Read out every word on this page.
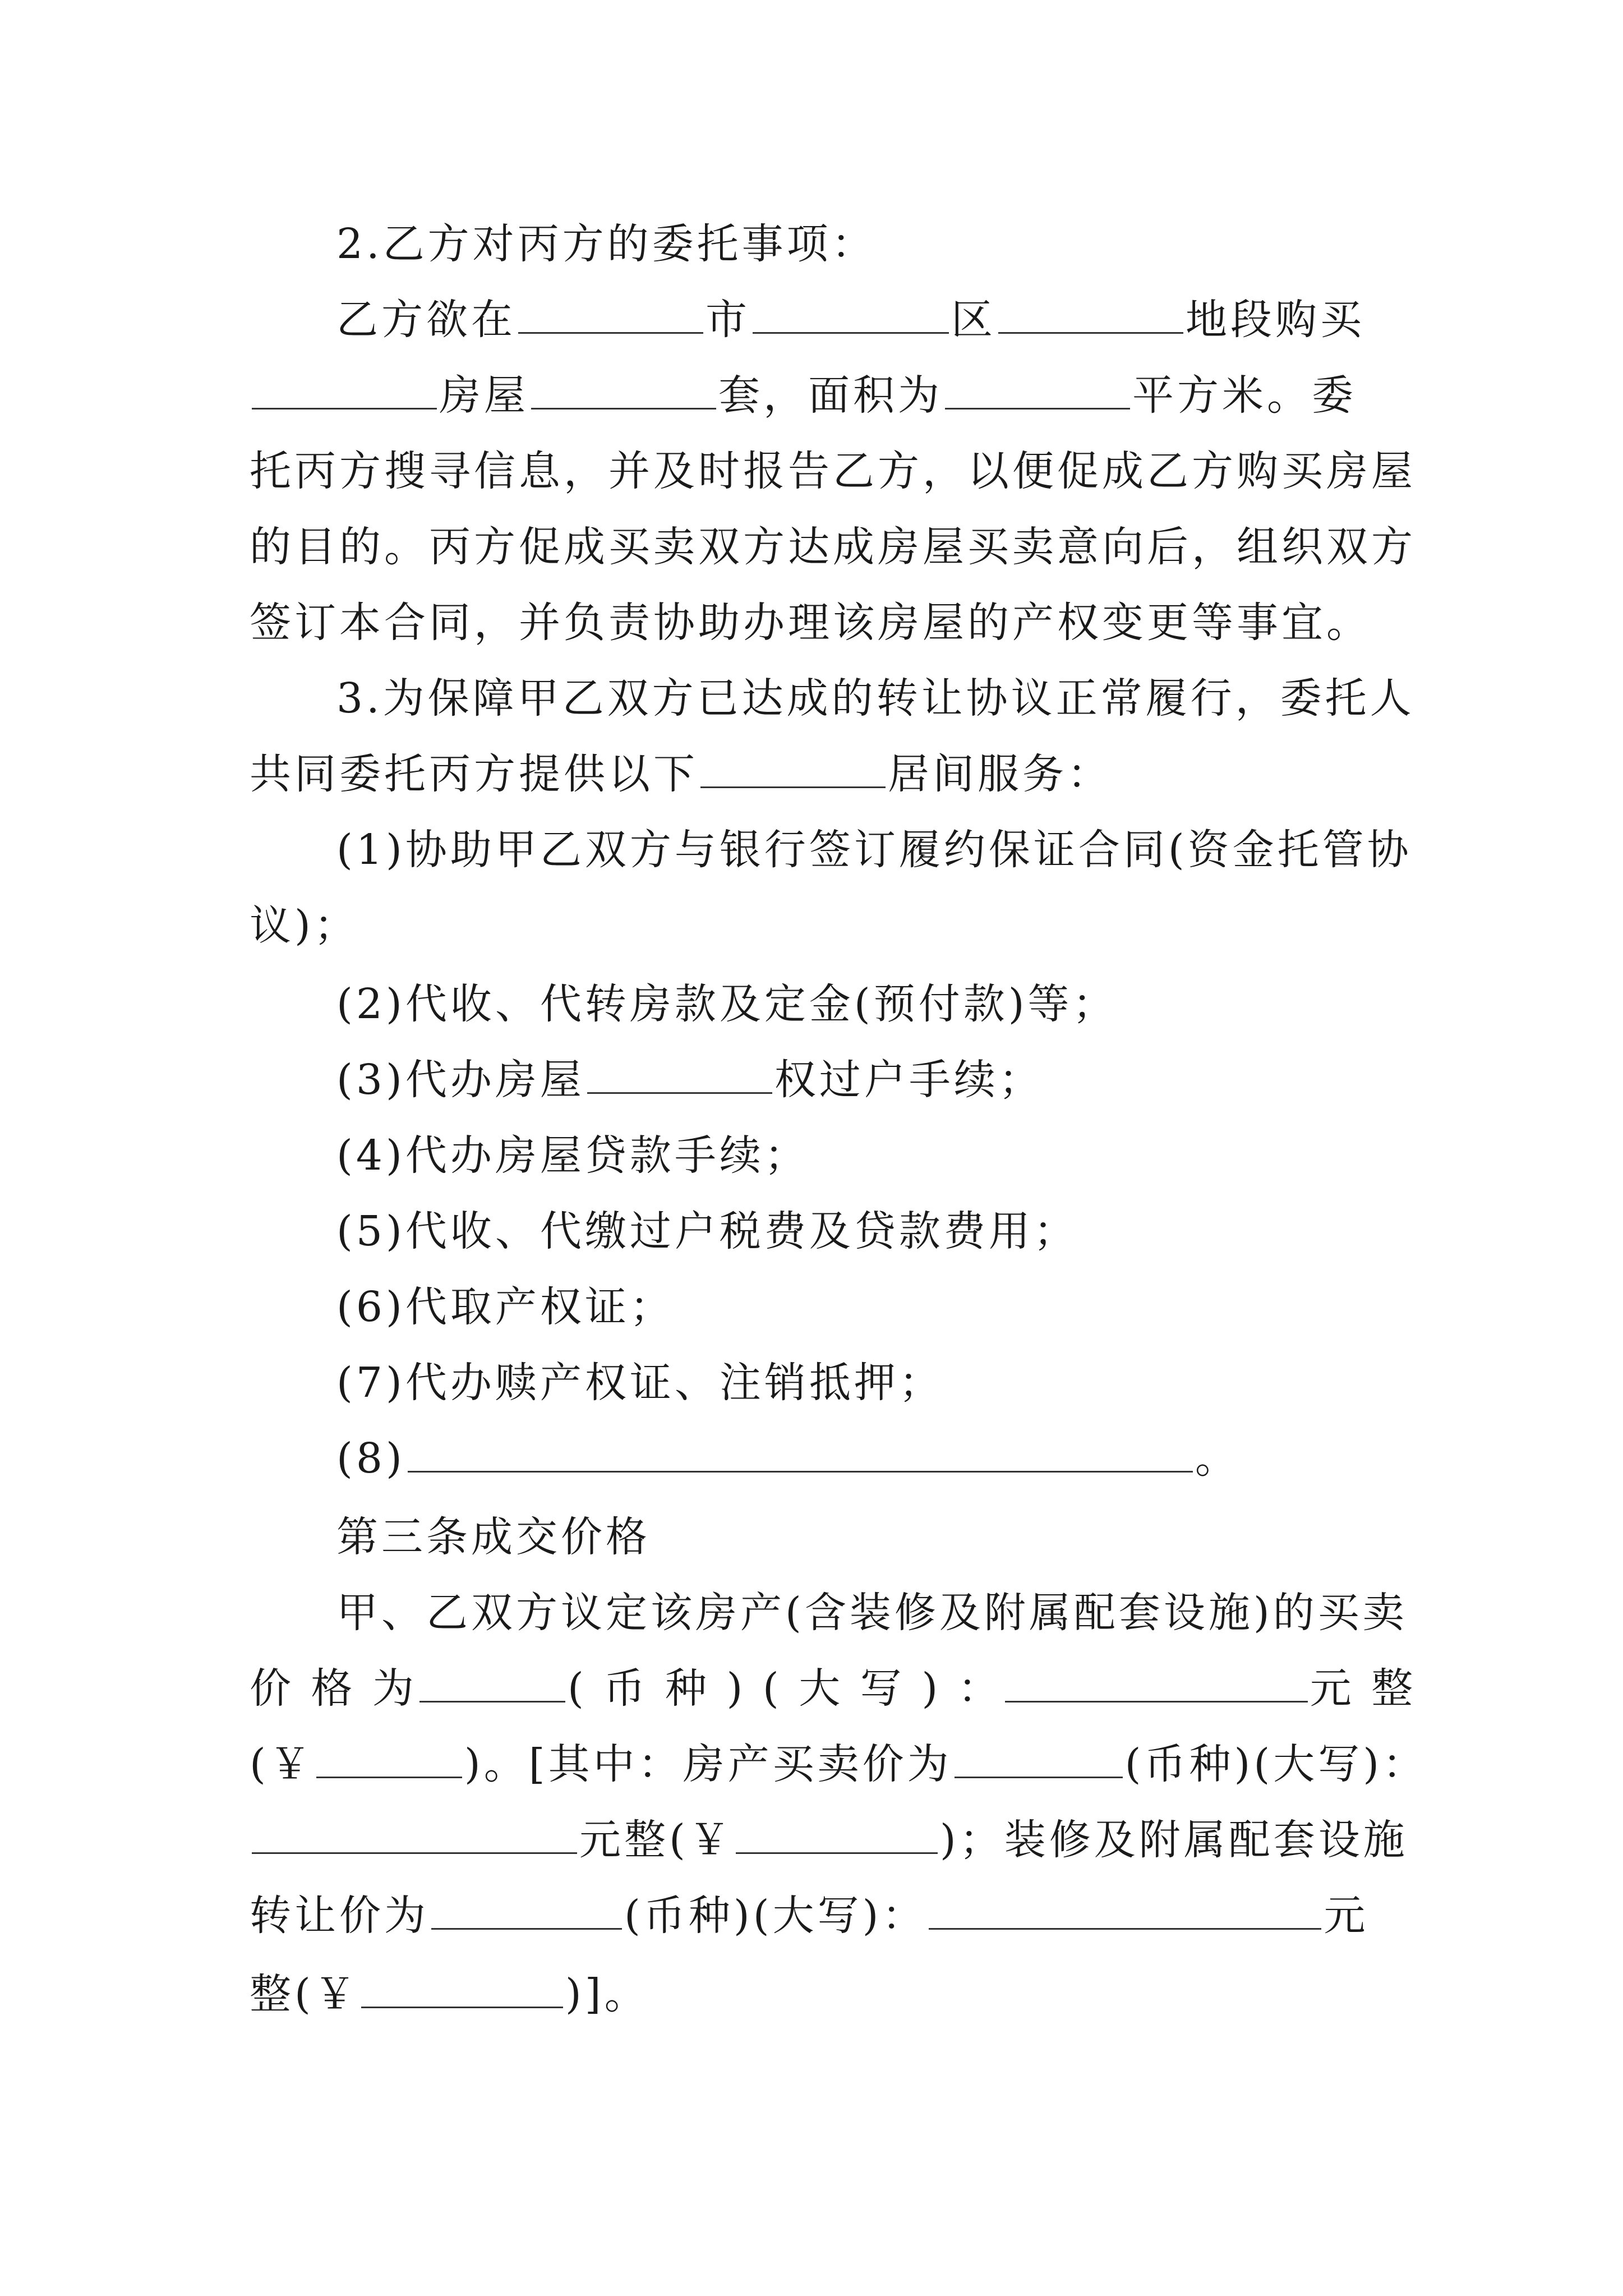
2.乙方对丙方的委托事项：
乙方欲在	市	区	地段购买
房屋	套，面积为	平方米。委
托丙方搜寻信息，并及时报告乙方，以便促成乙方购买房屋
的目的。丙方促成买卖双方达成房屋买卖意向后，组织双方
签订本合同，并负责协助办理该房屋的产权变更等事宜。
3.为保障甲乙双方已达成的转让协议正常履行，委托人
共同委托丙方提供以下	居间服务：
(1)协助甲乙双方与银行签订履约保证合同(资金托管协
议)；
(2)代收、代转房款及定金(预付款)等；
(3)代办房屋	权过户手续；
(4)代办房屋贷款手续；
(5)代收、代缴过户税费及贷款费用；
(6)代取产权证；
(7)代办赎产权证、注销抵押；
(8)	。
第三条成交价格
甲、乙双方议定该房产(含装修及附属配套设施)的买卖
价 格 为	( 币 种 ) ( 大 写 ) ：	元 整
(￥	)。[其中：房产买卖价为	(币种)(大写)：
元整(￥	)；装修及附属配套设施
转让价为	(币种)(大写)：	元
整(￥	)]。
